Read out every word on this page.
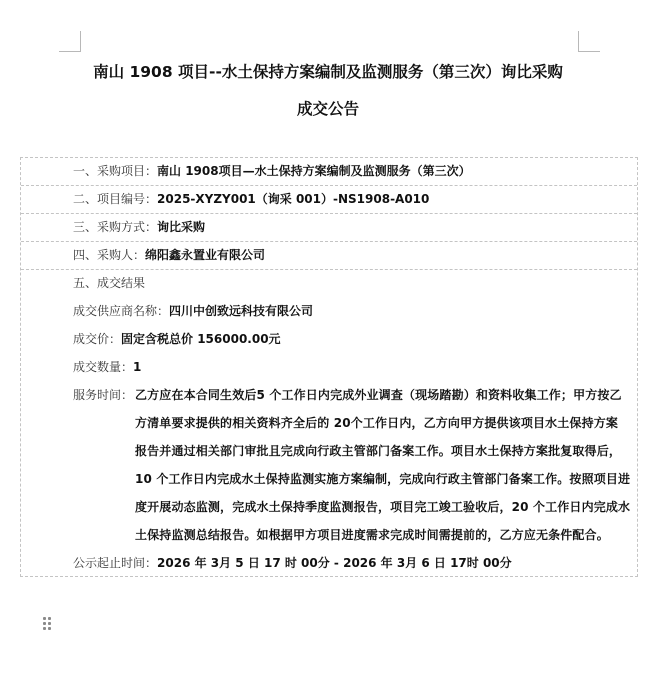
南山 1908 项目--水土保持方案编制及监测服务（第三次）询比采购
成交公告
一、采购项目：南山 1908项目—水土保持方案编制及监测服务（第三次）
二、项目编号：2025-XYZY001（询采 001）-NS1908-A010
三、采购方式：询比采购
四、采购人：绵阳鑫永置业有限公司
五、成交结果
成交供应商名称：四川中创致远科技有限公司
成交价：固定含税总价 156000.00元
成交数量：1
服务时间： 乙方应在本合同生效后5 个工作日内完成外业调查（现场踏勘）和资料收集工作；甲方按乙
方清单要求提供的相关资料齐全后的 20个工作日内，乙方向甲方提供该项目水土保持方案
报告并通过相关部门审批且完成向行政主管部门备案工作。项目水土保持方案批复取得后，
10 个工作日内完成水土保持监测实施方案编制，完成向行政主管部门备案工作。按照项目进
度开展动态监测，完成水土保持季度监测报告，项目完工竣工验收后，20 个工作日内完成水
土保持监测总结报告。如根据甲方项目进度需求完成时间需提前的，乙方应无条件配合。
公示起止时间：2026 年 3月 5 日 17 时 00分 - 2026 年 3月 6 日 17时 00分
